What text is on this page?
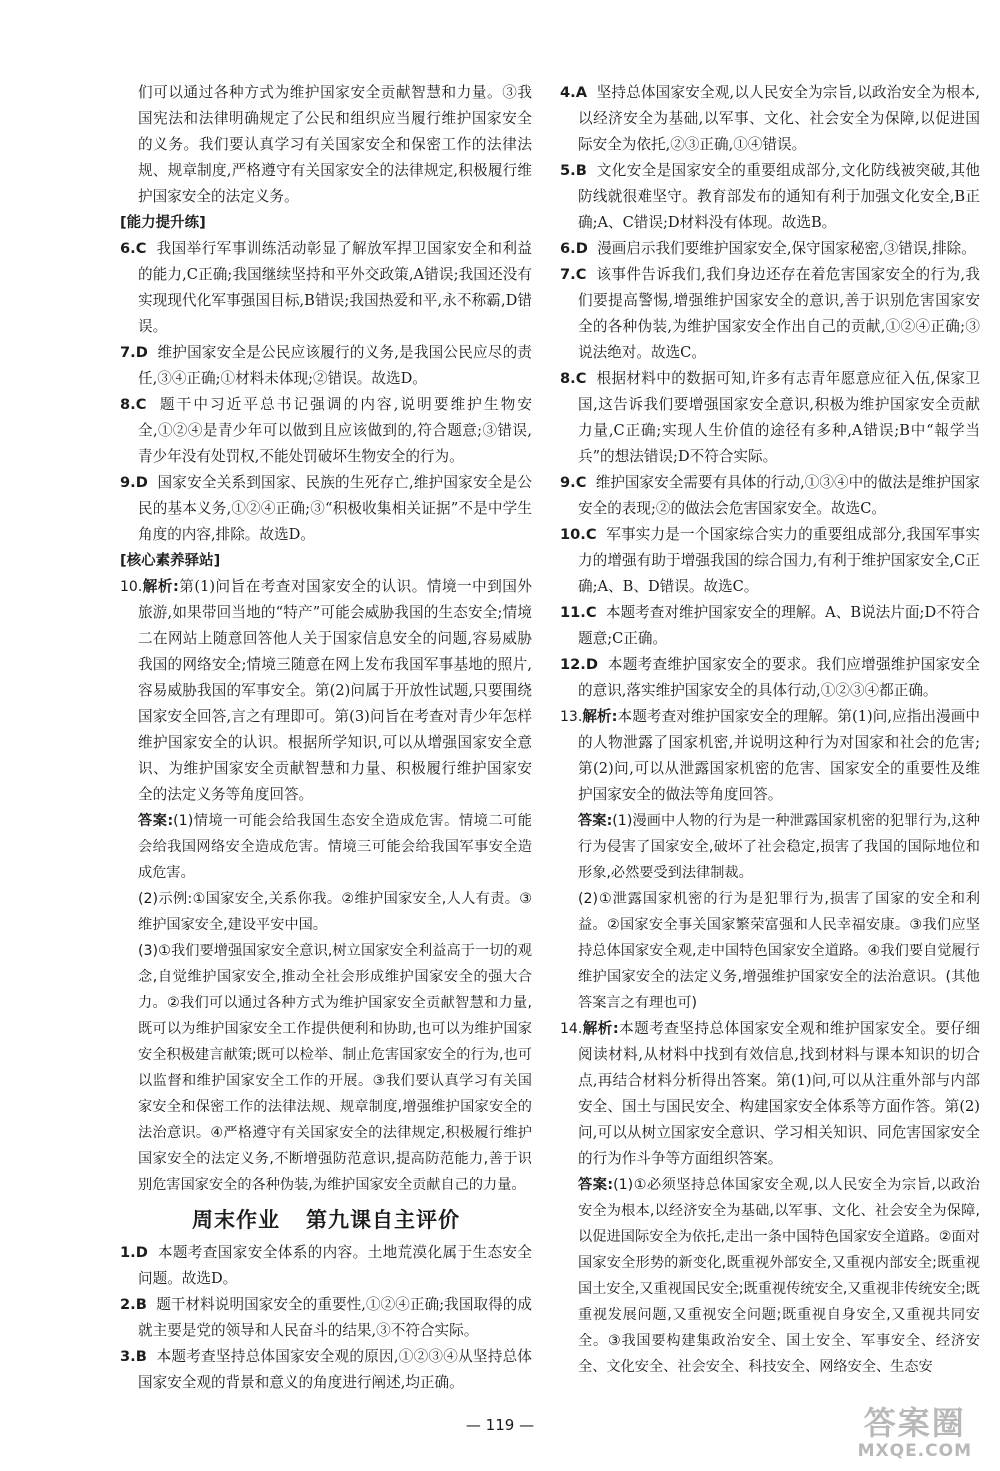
们可以通过各种方式为维护国家安全贡献智慧和力量。③我国宪法和法律明确规定了公民和组织应当履行维护国家安全的义务。我们要认真学习有关国家安全和保密工作的法律法规、规章制度,严格遵守有关国家安全的法律规定,积极履行维护国家安全的法定义务。

[能力提升练]

6.C 我国举行军事训练活动彰显了解放军捍卫国家安全和利益的能力,C正确;我国继续坚持和平外交政策,A错误;我国还没有实现现代化军事强国目标,B错误;我国热爱和平,永不称霸,D错误。

7.D 维护国家安全是公民应该履行的义务,是我国公民应尽的责任,③④正确;①材料未体现;②错误。故选D。

8.C 题干中习近平总书记强调的内容,说明要维护生物安全,①②④是青少年可以做到且应该做到的,符合题意;③错误,青少年没有处罚权,不能处罚破坏生物安全的行为。

9.D 国家安全关系到国家、民族的生死存亡,维护国家安全是公民的基本义务,①②④正确;③“积极收集相关证据”不是中学生角度的内容,排除。故选D。

[核心素养驿站]

10.解析:第(1)问旨在考查对国家安全的认识。情境一中到国外旅游,如果带回当地的“特产”可能会威胁我国的生态安全;情境二在网站上随意回答他人关于国家信息安全的问题,容易威胁我国的网络安全;情境三随意在网上发布我国军事基地的照片,容易威胁我国的军事安全。第(2)问属于开放性试题,只要围绕国家安全回答,言之有理即可。第(3)问旨在考查对青少年怎样维护国家安全的认识。根据所学知识,可以从增强国家安全意识、为维护国家安全贡献智慧和力量、积极履行维护国家安全的法定义务等角度回答。

答案:(1)情境一可能会给我国生态安全造成危害。情境二可能会给我国网络安全造成危害。情境三可能会给我国军事安全造成危害。

(2)示例:①国家安全,关系你我。②维护国家安全,人人有责。③维护国家安全,建设平安中国。

(3)①我们要增强国家安全意识,树立国家安全利益高于一切的观念,自觉维护国家安全,推动全社会形成维护国家安全的强大合力。②我们可以通过各种方式为维护国家安全贡献智慧和力量,既可以为维护国家安全工作提供便利和协助,也可以为维护国家安全积极建言献策;既可以检举、制止危害国家安全的行为,也可以监督和维护国家安全工作的开展。③我们要认真学习有关国家安全和保密工作的法律法规、规章制度,增强维护国家安全的法治意识。④严格遵守有关国家安全的法律规定,积极履行维护国家安全的法定义务,不断增强防范意识,提高防范能力,善于识别危害国家安全的各种伪装,为维护国家安全贡献自己的力量。

周末作业 第九课自主评价

1.D 本题考查国家安全体系的内容。土地荒漠化属于生态安全问题。故选D。

2.B 题干材料说明国家安全的重要性,①②④正确;我国取得的成就主要是党的领导和人民奋斗的结果,③不符合实际。

3.B 本题考查坚持总体国家安全观的原因,①②③④从坚持总体国家安全观的背景和意义的角度进行阐述,均正确。

4.A 坚持总体国家安全观,以人民安全为宗旨,以政治安全为根本,以经济安全为基础,以军事、文化、社会安全为保障,以促进国际安全为依托,②③正确,①④错误。

5.B 文化安全是国家安全的重要组成部分,文化防线被突破,其他防线就很难坚守。教育部发布的通知有利于加强文化安全,B正确;A、C错误;D材料没有体现。故选B。

6.D 漫画启示我们要维护国家安全,保守国家秘密,③错误,排除。

7.C 该事件告诉我们,我们身边还存在着危害国家安全的行为,我们要提高警惕,增强维护国家安全的意识,善于识别危害国家安全的各种伪装,为维护国家安全作出自己的贡献,①②④正确;③说法绝对。故选C。

8.C 根据材料中的数据可知,许多有志青年愿意应征入伍,保家卫国,这告诉我们要增强国家安全意识,积极为维护国家安全贡献力量,C正确;实现人生价值的途径有多种,A错误;B中“報学当兵”的想法错误;D不符合实际。

9.C 维护国家安全需要有具体的行动,①③④中的做法是维护国家安全的表现;②的做法会危害国家安全。故选C。

10.C 军事实力是一个国家综合实力的重要组成部分,我国军事实力的增强有助于增强我国的综合国力,有利于维护国家安全,C正确;A、B、D错误。故选C。

11.C 本题考查对维护国家安全的理解。A、B说法片面;D不符合题意;C正确。

12.D 本题考查维护国家安全的要求。我们应增强维护国家安全的意识,落实维护国家安全的具体行动,①②③④都正确。

13.解析:本题考查对维护国家安全的理解。第(1)问,应指出漫画中的人物泄露了国家机密,并说明这种行为对国家和社会的危害;第(2)问,可以从泄露国家机密的危害、国家安全的重要性及维护国家安全的做法等角度回答。

答案:(1)漫画中人物的行为是一种泄露国家机密的犯罪行为,这种行为侵害了国家安全,破坏了社会稳定,损害了我国的国际地位和形象,必然要受到法律制裁。

(2)①泄露国家机密的行为是犯罪行为,损害了国家的安全和利益。②国家安全事关国家繁荣富强和人民幸福安康。③我们应坚持总体国家安全观,走中国特色国家安全道路。④我们要自觉履行维护国家安全的法定义务,增强维护国家安全的法治意识。(其他答案言之有理也可)

14.解析:本题考查坚持总体国家安全观和维护国家安全。要仔细阅读材料,从材料中找到有效信息,找到材料与课本知识的切合点,再结合材料分析得出答案。第(1)问,可以从注重外部与内部安全、国土与国民安全、构建国家安全体系等方面作答。第(2)问,可以从树立国家安全意识、学习相关知识、同危害国家安全的行为作斗争等方面组织答案。

答案:(1)①必须坚持总体国家安全观,以人民安全为宗旨,以政治安全为根本,以经济安全为基础,以军事、文化、社会安全为保障,以促进国际安全为依托,走出一条中国特色国家安全道路。②面对国家安全形势的新变化,既重视外部安全,又重视内部安全;既重视国土安全,又重视国民安全;既重视传统安全,又重视非传统安全;既重视发展问题,又重视安全问题;既重视自身安全,又重视共同安全。③我国要构建集政治安全、国土安全、军事安全、经济安全、文化安全、社会安全、科技安全、网络安全、生态安

— 119 —	答案圈
MXQE.COM
